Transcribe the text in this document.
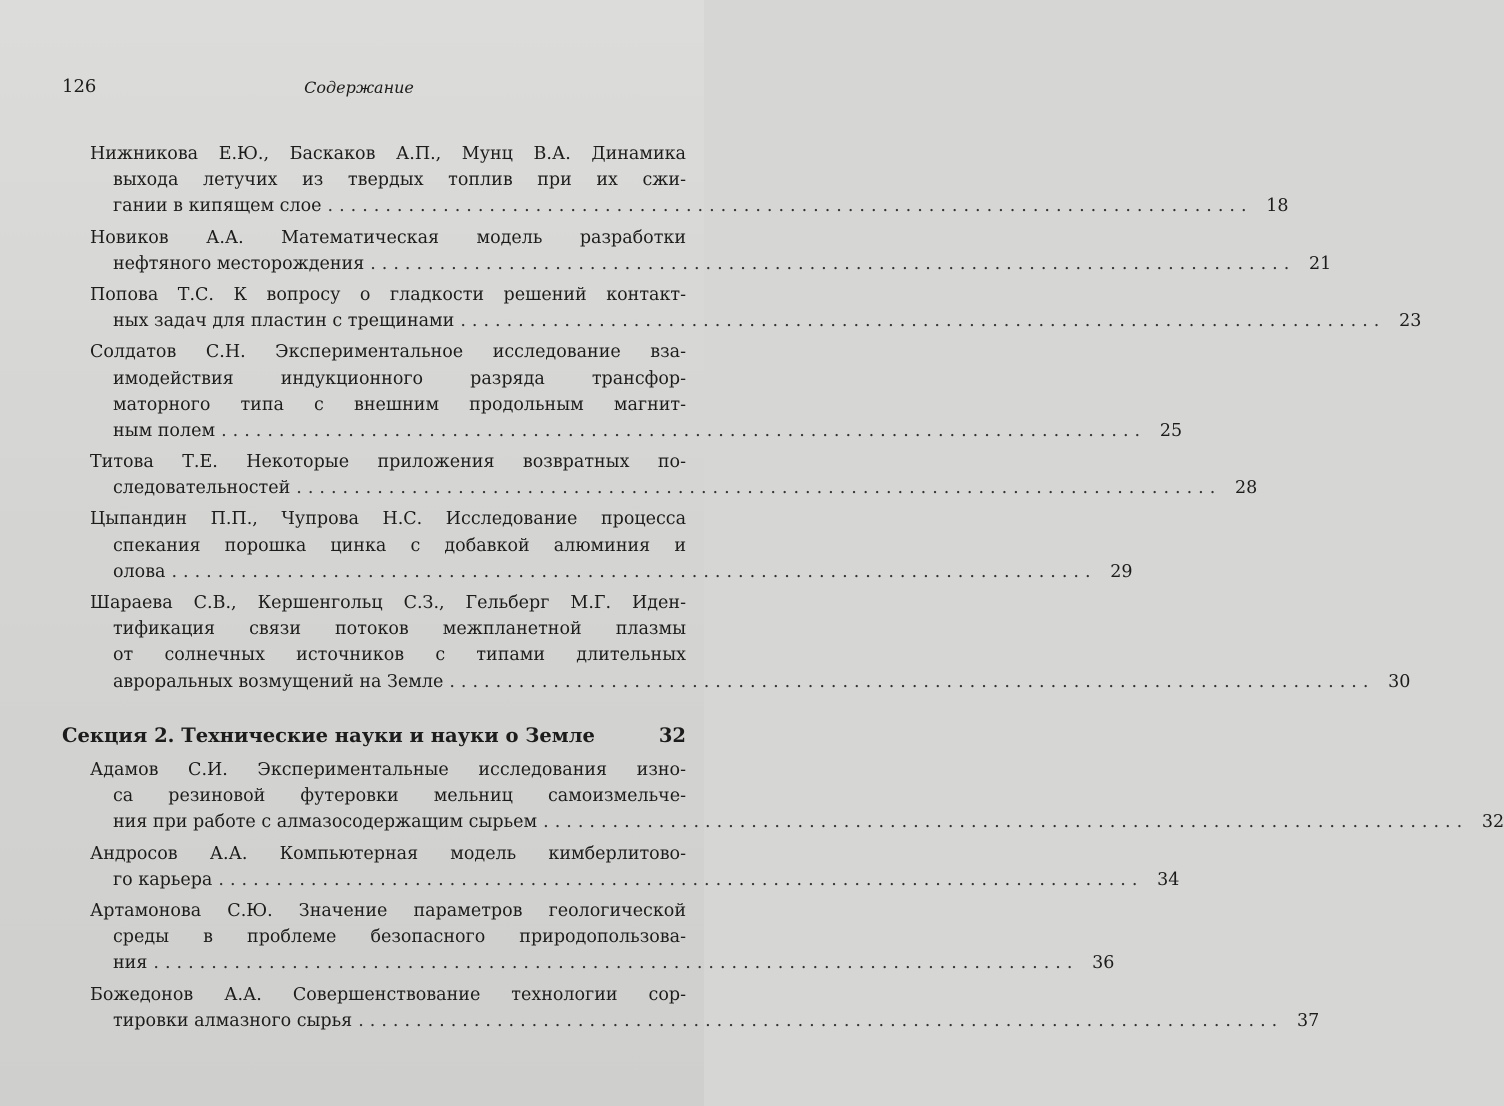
126	Содержание
Нижникова Е.Ю., Баскаков А.П., Мунц В.А. Динамика
выхода летучих из твердых топлив при их сжи-
гании в кипящем слое ................................................................................ 18
Новиков А.А. Математическая модель разработки
нефтяного месторождения ................................................................................ 21
Попова Т.С. К вопросу о гладкости решений контакт-
ных задач для пластин с трещинами ................................................................................ 23
Солдатов С.Н. Экспериментальное исследование вза-
имодействия индукционного разряда трансфор-
маторного типа с внешним продольным магнит-
ным полем ................................................................................ 25
Титова Т.Е. Некоторые приложения возвратных по-
следовательностей ................................................................................ 28
Цыпандин П.П., Чупрова Н.С. Исследование процесса
спекания порошка цинка с добавкой алюминия и
олова ................................................................................ 29
Шараева С.В., Кершенгольц С.З., Гельберг М.Г. Иден-
тификация связи потоков межпланетной плазмы
от солнечных источников с типами длительных
авроральных возмущений на Земле ................................................................................ 30
Секция 2. Технические науки и науки о Земле	32
Адамов С.И. Экспериментальные исследования изно-
са резиновой футеровки мельниц самоизмельче-
ния при работе с алмазосодержащим сырьем ................................................................................ 32
Андросов А.А. Компьютерная модель кимберлитово-
го карьера ................................................................................ 34
Артамонова С.Ю. Значение параметров геологической
среды в проблеме безопасного природопользова-
ния ................................................................................ 36
Божедонов А.А. Совершенствование технологии сор-
тировки алмазного сырья ................................................................................ 37
